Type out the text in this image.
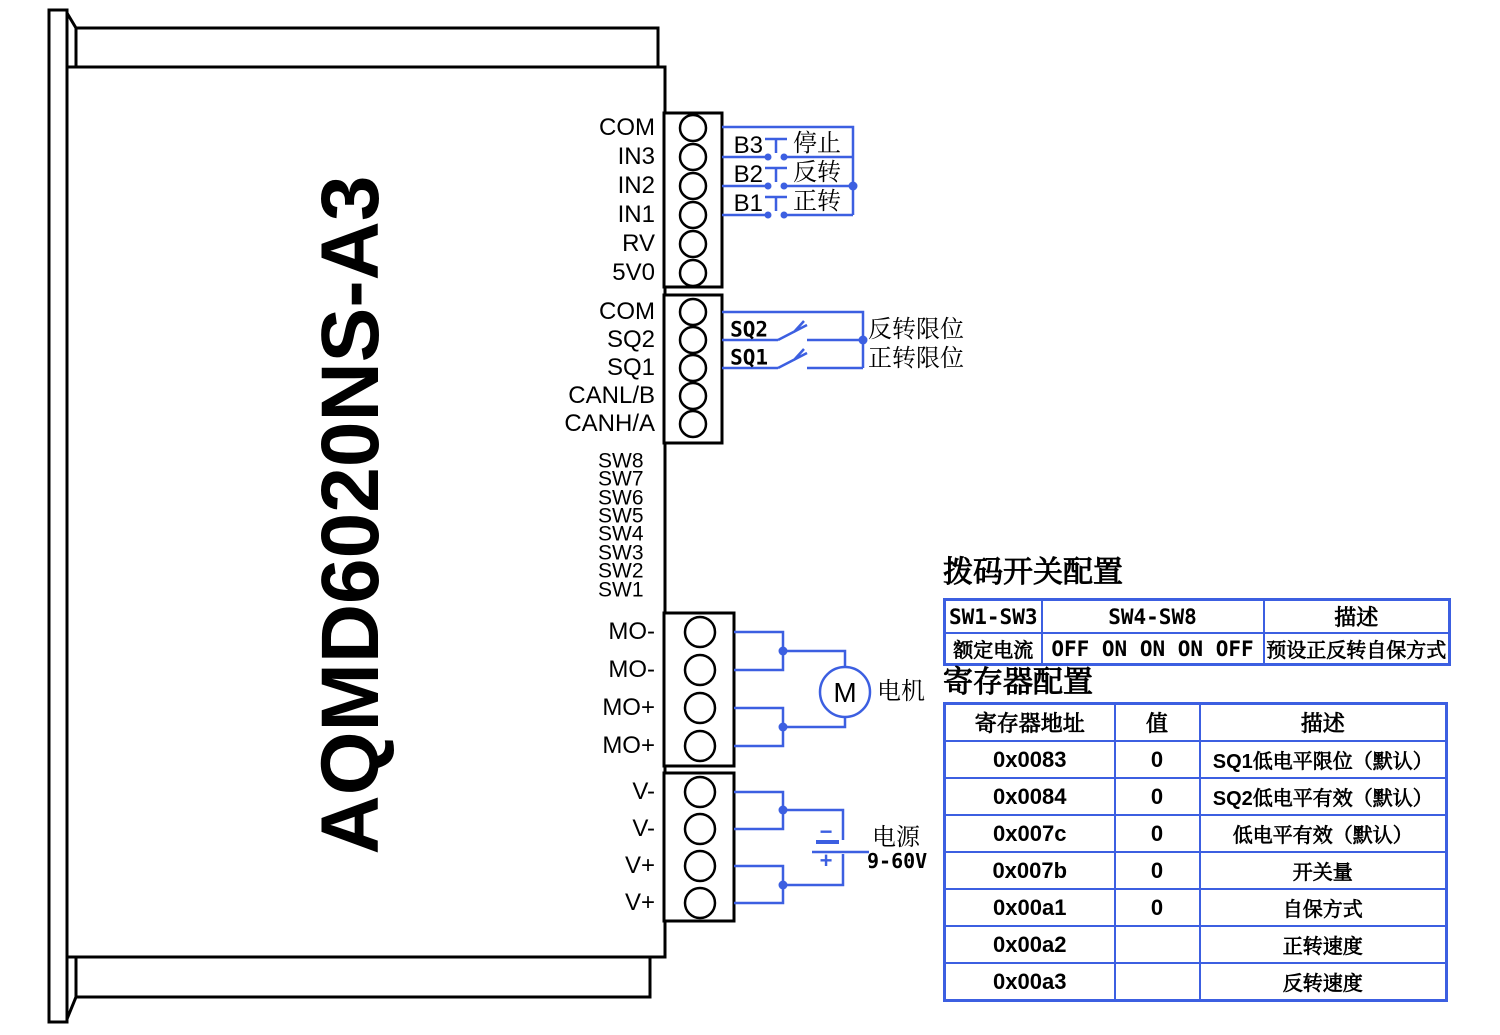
AQMD6020NS-A3
COM
IN3
IN2
IN1
RV
5V0
COM
SQ2
SQ1
CANL/B
CANH/A
SW8
SW7
SW6
SW5
SW4
SW3
SW2
SW1
MO-
MO-
MO+
MO+
V-
V-
V+
V+
B3
B2
B1
停止
反转
正转
SQ2
SQ1
反转限位
正转限位
M 电机
−
+
电源
9-60V
拨码开关配置
SW1-SW3	SW4-SW8	描述
额定电流	OFF ON ON ON OFF	预设正反转自保方式
寄存器配置
寄存器地址	值	描述
0x0083	0	SQ1低电平限位（默认）
0x0084	0	SQ2低电平有效（默认）
0x007c	0	低电平有效（默认）
0x007b	0	开关量
0x00a1	0	自保方式
0x00a2		正转速度
0x00a3		反转速度
